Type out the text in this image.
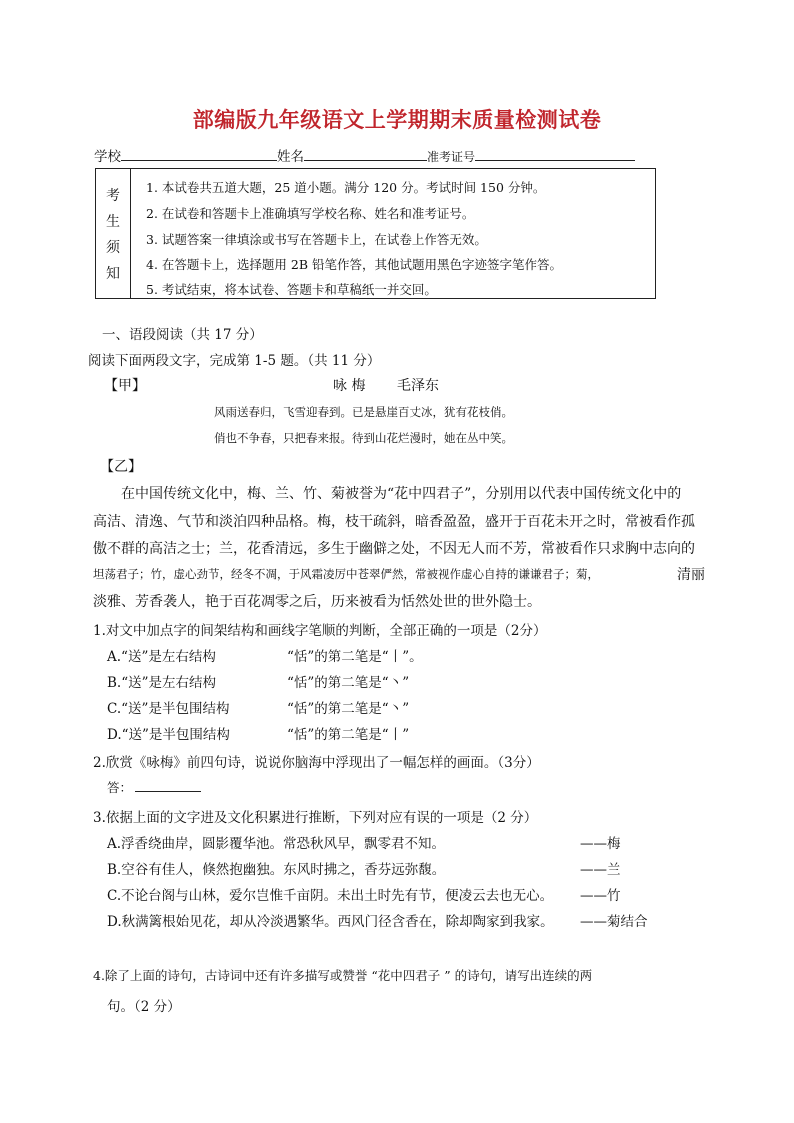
部编版九年级语文上学期期末质量检测试卷
学校	姓名	准考证号
考
生
须
知
1. 本试卷共五道大题，25 道小题。满分 120 分。考试时间 150 分钟。
2. 在试卷和答题卡上准确填写学校名称、姓名和准考证号。
3. 试题答案一律填涂或书写在答题卡上，在试卷上作答无效。
4. 在答题卡上，选择题用 2B 铅笔作答，其他试题用黑色字迹签字笔作答。
5. 考试结束，将本试卷、答题卡和草稿纸一并交回。
一、语段阅读（共 17 分）
阅读下面两段文字，完成第 1-5 题。（共 11 分）
【甲】	咏 梅 毛泽东
风雨送春归，飞雪迎春到。已是悬崖百丈冰，犹有花枝俏。
俏也不争春，只把春来报。待到山花烂漫时，她在丛中笑。
【乙】
在中国传统文化中，梅、兰、竹、菊被誉为“花中四君子”，分别用以代表中国传统文化中的
高洁、清逸、气节和淡泊四种品格。梅，枝干疏斜，暗香盈盈，盛开于百花未开之时，常被看作孤
傲不群的高洁之士；兰，花香清远，多生于幽僻之处，不因无人而不芳，常被看作只求胸中志向的
坦荡君子；竹，虚心劲节，经冬不凋，于风霜凌厉中苍翠俨然，常被视作虚心自持的谦谦君子；菊，	清丽
淡雅、芳香袭人，艳于百花凋零之后，历来被看为恬然处世的世外隐士。
1.对文中加点字的间架结构和画线字笔顺的判断，全部正确的一项是（2分）
A.“送”是左右结构	“恬”的第二笔是“丨”。
B.“送”是左右结构	“恬”的第二笔是“丶”
C.“送”是半包围结构	“恬”的第二笔是“丶”
D.“送”是半包围结构	“恬”的第二笔是“丨”
2.欣赏《咏梅》前四句诗，说说你脑海中浮现出了一幅怎样的画面。（3分）
答：
3.依据上面的文字进及文化积累进行推断，下列对应有误的一项是（2 分）
A.浮香绕曲岸，圆影覆华池。常恐秋风早，飘零君不知。	——梅
B.空谷有佳人，倏然抱幽独。东风时拂之，香芬远弥馥。	——兰
C.不论台阁与山林，爱尔岂惟千亩阴。未出土时先有节，便凌云去也无心。 ——竹
D.秋满篱根始见花，却从冷淡遇繁华。西风门径含香在，除却陶家到我家。 ——菊结合
4.除了上面的诗句，古诗词中还有许多描写或赞誉 “花中四君子 ” 的诗句，请写出连续的两
句。（2 分）
